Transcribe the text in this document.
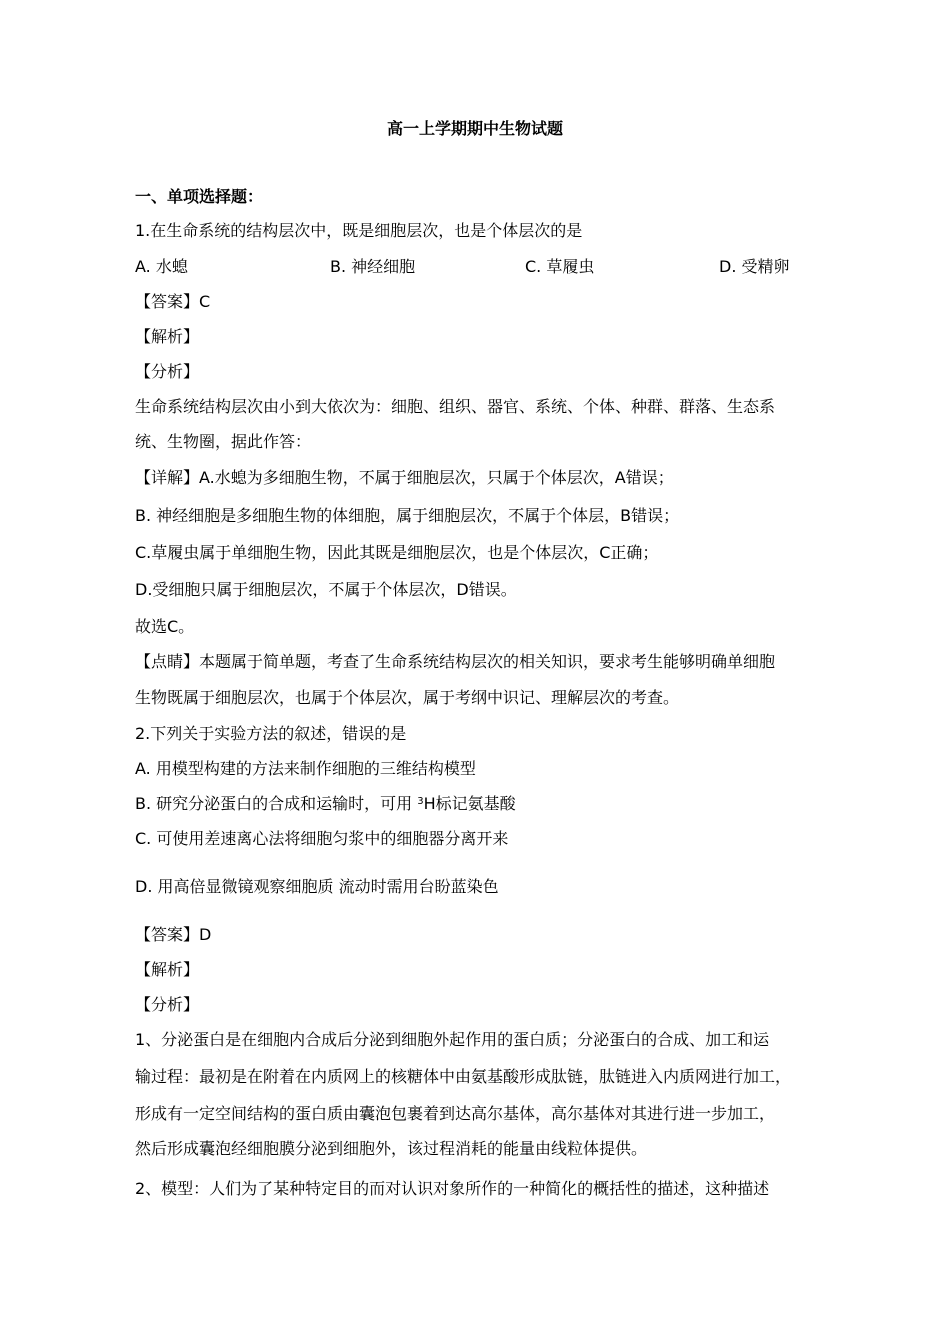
高一上学期期中生物试题
一、单项选择题：
1.在生命系统的结构层次中，既是细胞层次，也是个体层次的是
A. 水螅	B. 神经细胞	C. 草履虫	D. 受精卵
【答案】C
【解析】
【分析】
生命系统结构层次由小到大依次为：细胞、组织、器官、系统、个体、种群、群落、生态系
统、生物圈，据此作答：
【详解】A.水螅为多细胞生物，不属于细胞层次，只属于个体层次，A错误；
B. 神经细胞是多细胞生物的体细胞，属于细胞层次，不属于个体层，B错误；
C.草履虫属于单细胞生物，因此其既是细胞层次，也是个体层次，C正确；
D.受细胞只属于细胞层次，不属于个体层次，D错误。
故选C。
【点睛】本题属于简单题，考查了生命系统结构层次的相关知识，要求考生能够明确单细胞
生物既属于细胞层次，也属于个体层次，属于考纲中识记、理解层次的考查。
2.下列关于实验方法的叙述，错误的是
A. 用模型构建的方法来制作细胞的三维结构模型
B. 研究分泌蛋白的合成和运输时，可用 $^3$H标记氨基酸
C. 可使用差速离心法将细胞匀浆中的细胞器分离开来
D. 用高倍显微镜观察细胞质 流动时需用台盼蓝染色
【答案】D
【解析】
【分析】
1、分泌蛋白是在细胞内合成后分泌到细胞外起作用的蛋白质；分泌蛋白的合成、加工和运
输过程：最初是在附着在内质网上的核糖体中由氨基酸形成肽链，肽链进入内质网进行加工，
形成有一定空间结构的蛋白质由囊泡包裹着到达高尔基体，高尔基体对其进行进一步加工，
然后形成囊泡经细胞膜分泌到细胞外，该过程消耗的能量由线粒体提供。
2、模型：人们为了某种特定目的而对认识对象所作的一种简化的概括性的描述，这种描述
